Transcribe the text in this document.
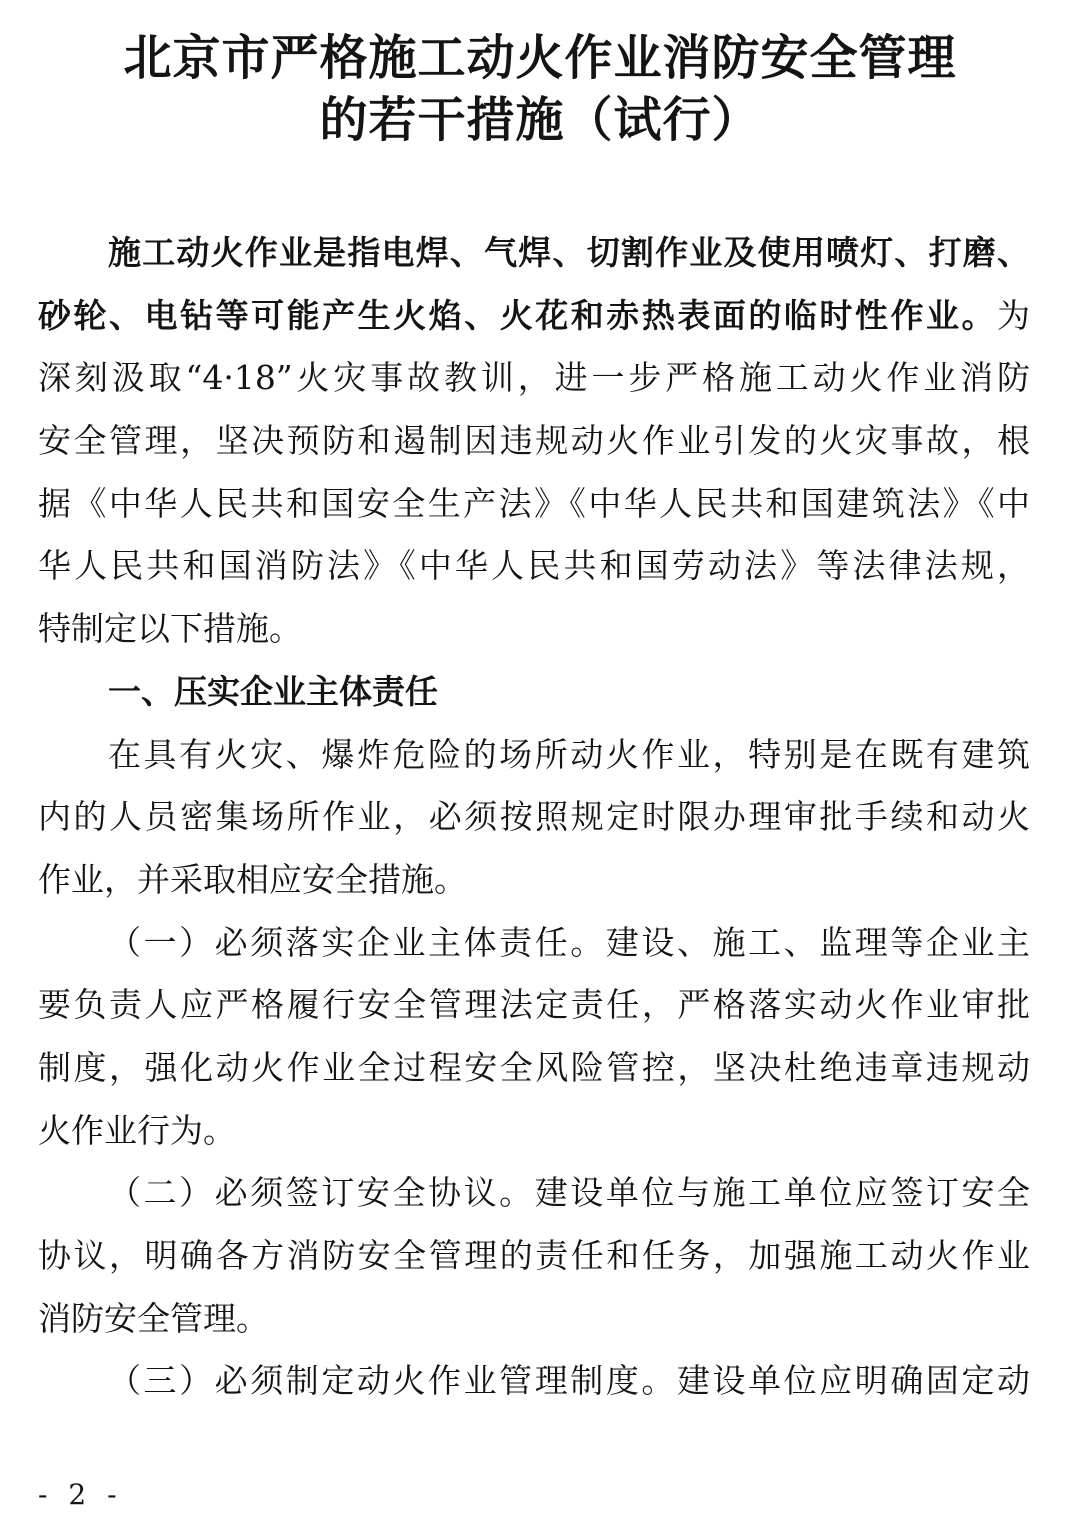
北京市严格施工动火作业消防安全管理
的若干措施（试行）
施工动火作业是指电焊、气焊、切割作业及使用喷灯、打磨、
砂轮、电钻等可能产生火焰、火花和赤热表面的临时性作业。为
深刻汲取“4·18”火灾事故教训，进一步严格施工动火作业消防
安全管理，坚决预防和遏制因违规动火作业引发的火灾事故，根
据《中华人民共和国安全生产法》《中华人民共和国建筑法》《中
华人民共和国消防法》《中华人民共和国劳动法》等法律法规，
特制定以下措施。
一、压实企业主体责任
在具有火灾、爆炸危险的场所动火作业，特别是在既有建筑
内的人员密集场所作业，必须按照规定时限办理审批手续和动火
作业，并采取相应安全措施。
（一）必须落实企业主体责任。建设、施工、监理等企业主
要负责人应严格履行安全管理法定责任，严格落实动火作业审批
制度，强化动火作业全过程安全风险管控，坚决杜绝违章违规动
火作业行为。
（二）必须签订安全协议。建设单位与施工单位应签订安全
协议，明确各方消防安全管理的责任和任务，加强施工动火作业
消防安全管理。
（三）必须制定动火作业管理制度。建设单位应明确固定动
- 2 -
